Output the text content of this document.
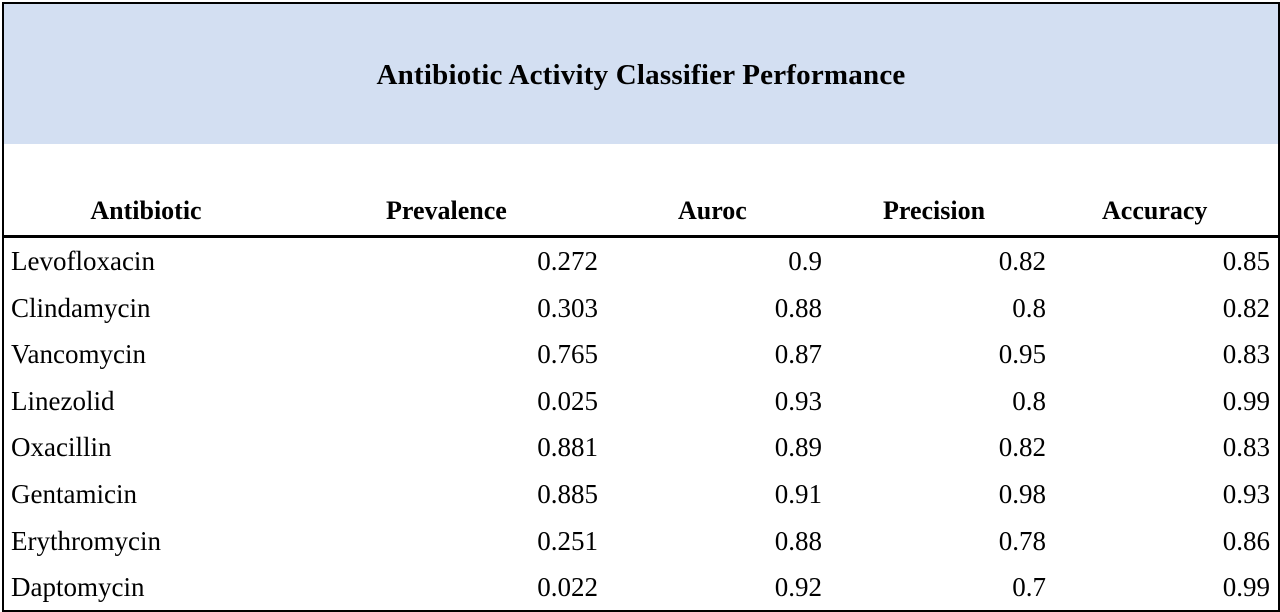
Antibiotic Activity Classifier Performance
Antibiotic	Prevalence	Auroc	Precision	Accuracy
Levofloxacin	0.272	0.9	0.82	0.85
Clindamycin	0.303	0.88	0.8	0.82
Vancomycin	0.765	0.87	0.95	0.83
Linezolid	0.025	0.93	0.8	0.99
Oxacillin	0.881	0.89	0.82	0.83
Gentamicin	0.885	0.91	0.98	0.93
Erythromycin	0.251	0.88	0.78	0.86
Daptomycin	0.022	0.92	0.7	0.99
